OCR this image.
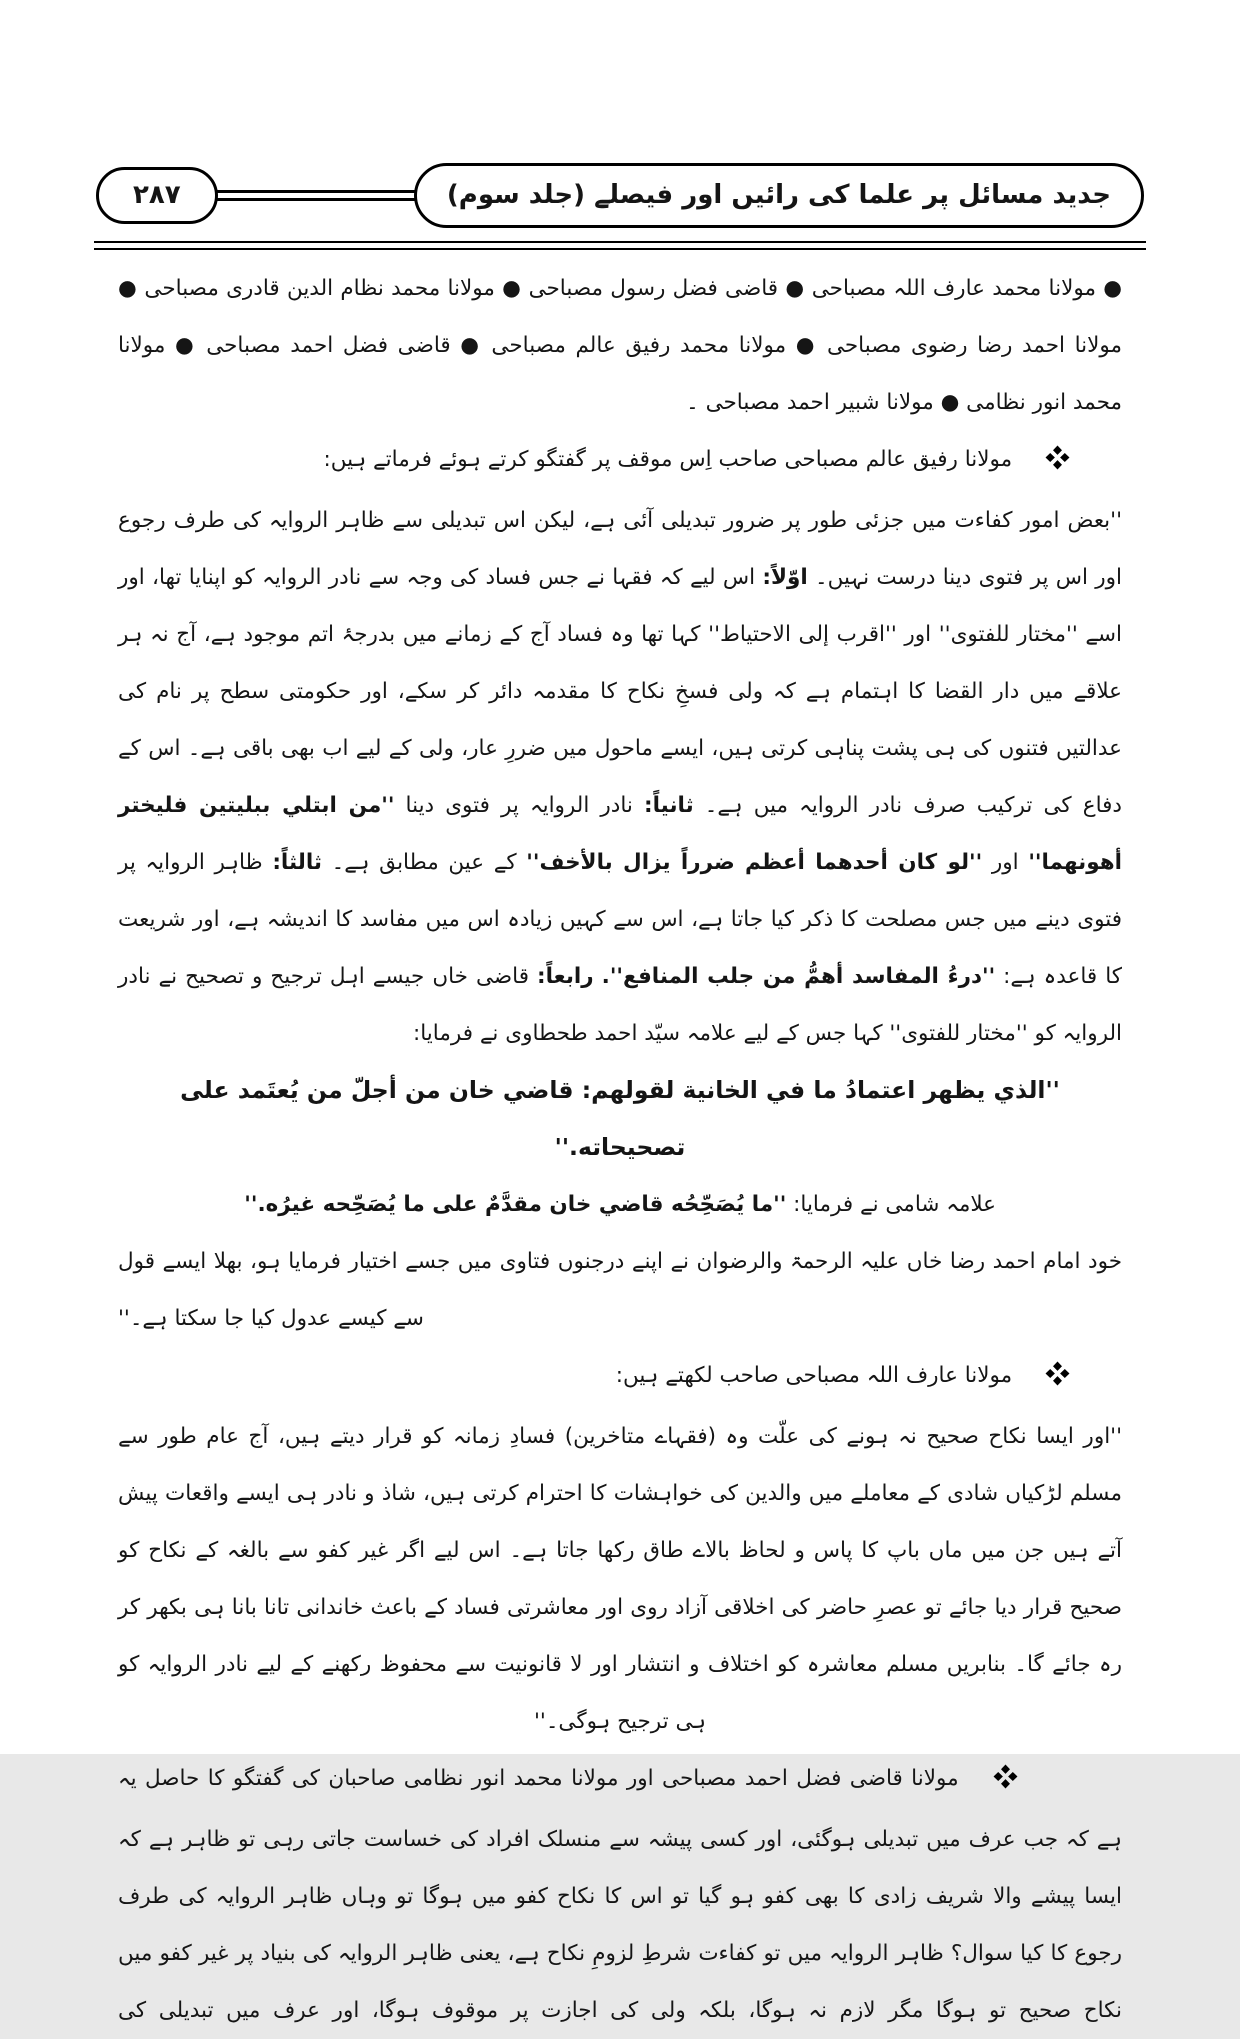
۲۸۷	جدید مسائل پر علما کی رائیں اور فیصلے (جلد سوم)
● مولانا محمد عارف اللہ مصباحی ● قاضی فضل رسول مصباحی ● مولانا محمد نظام الدین قادری مصباحی ● مولانا احمد رضا رضوی مصباحی ● مولانا محمد رفیق عالم مصباحی ● قاضی فضل احمد مصباحی ● مولانا محمد انور نظامی ● مولانا شبیر احمد مصباحی ۔
مولانا رفیق عالم مصباحی صاحب اِس موقف پر گفتگو کرتے ہوئے فرماتے ہیں:
''بعض امور کفاءت میں جزئی طور پر ضرور تبدیلی آئی ہے، لیکن اس تبدیلی سے ظاہر الروایہ کی طرف رجوع اور اس پر فتوی دینا درست نہیں۔ اوّلاً: اس لیے کہ فقہا نے جس فساد کی وجہ سے نادر الروایہ کو اپنایا تھا، اور اسے ''مختار للفتوی'' اور ''اقرب إلی الاحتیاط'' کہا تھا وہ فساد آج کے زمانے میں بدرجۂ اتم موجود ہے، آج نہ ہر علاقے میں دار القضا کا اہتمام ہے کہ ولی فسخِ نکاح کا مقدمہ دائر کر سکے، اور حکومتی سطح پر نام کی عدالتیں فتنوں کی ہی پشت پناہی کرتی ہیں، ایسے ماحول میں ضررِ عار، ولی کے لیے اب بھی باقی ہے۔ اس کے دفاع کی ترکیب صرف نادر الروایہ میں ہے۔ ثانیاً: نادر الروایہ پر فتوی دینا ''من ابتلي ببلیتین فلیختر أهونهما'' اور ''لو کان أحدهما أعظم ضرراً یزال بالأخف'' کے عین مطابق ہے۔ ثالثاً: ظاہر الروایہ پر فتوی دینے میں جس مصلحت کا ذکر کیا جاتا ہے، اس سے کہیں زیادہ اس میں مفاسد کا اندیشہ ہے، اور شریعت کا قاعدہ ہے: ''درءُ المفاسد أهمُّ من جلب المنافع''. رابعاً: قاضی خاں جیسے اہل ترجیح و تصحیح نے نادر الروایہ کو ''مختار للفتوی'' کہا جس کے لیے علامہ سیّد احمد طحطاوی نے فرمایا:
''الذي یظهر اعتمادُ ما في الخانیة لقولهم: قاضي خان من أجلّ من یُعتَمد علی تصحیحاته.''
علامہ شامی نے فرمایا: ''ما یُصَحِّحُه قاضي خان مقدَّمٌ علی ما یُصَحِّحه غیرُه.''
خود امام احمد رضا خاں علیہ الرحمۃ والرضوان نے اپنے درجنوں فتاوی میں جسے اختیار فرمایا ہو، بھلا ایسے قول سے کیسے عدول کیا جا سکتا ہے۔''
مولانا عارف اللہ مصباحی صاحب لکھتے ہیں:
''اور ایسا نکاح صحیح نہ ہونے کی علّت وہ (فقہاے متاخرین) فسادِ زمانہ کو قرار دیتے ہیں، آج عام طور سے مسلم لڑکیاں شادی کے معاملے میں والدین کی خواہشات کا احترام کرتی ہیں، شاذ و نادر ہی ایسے واقعات پیش آتے ہیں جن میں ماں باپ کا پاس و لحاظ بالاے طاق رکھا جاتا ہے۔ اس لیے اگر غیر کفو سے بالغہ کے نکاح کو صحیح قرار دیا جائے تو عصرِ حاضر کی اخلاقی آزاد روی اور معاشرتی فساد کے باعث خاندانی تانا بانا ہی بکھر کر رہ جائے گا۔ بنابریں مسلم معاشرہ کو اختلاف و انتشار اور لا قانونیت سے محفوظ رکھنے کے لیے نادر الروایہ کو ہی ترجیح ہوگی۔''
مولانا قاضی فضل احمد مصباحی اور مولانا محمد انور نظامی صاحبان کی گفتگو کا حاصل یہ ہے کہ جب عرف میں تبدیلی ہوگئی، اور کسی پیشہ سے منسلک افراد کی خساست جاتی رہی تو ظاہر ہے کہ ایسا پیشے والا شریف زادی کا بھی کفو ہو گیا تو اس کا نکاح کفو میں ہوگا تو وہاں ظاہر الروایہ کی طرف رجوع کا کیا سوال؟ ظاہر الروایہ میں تو کفاءت شرطِ لزومِ نکاح ہے، یعنی ظاہر الروایہ کی بنیاد پر غیر کفو میں نکاح صحیح تو ہوگا مگر لازم نہ ہوگا، بلکہ ولی کی اجازت پر موقوف ہوگا، اور عرف میں تبدیلی کی
